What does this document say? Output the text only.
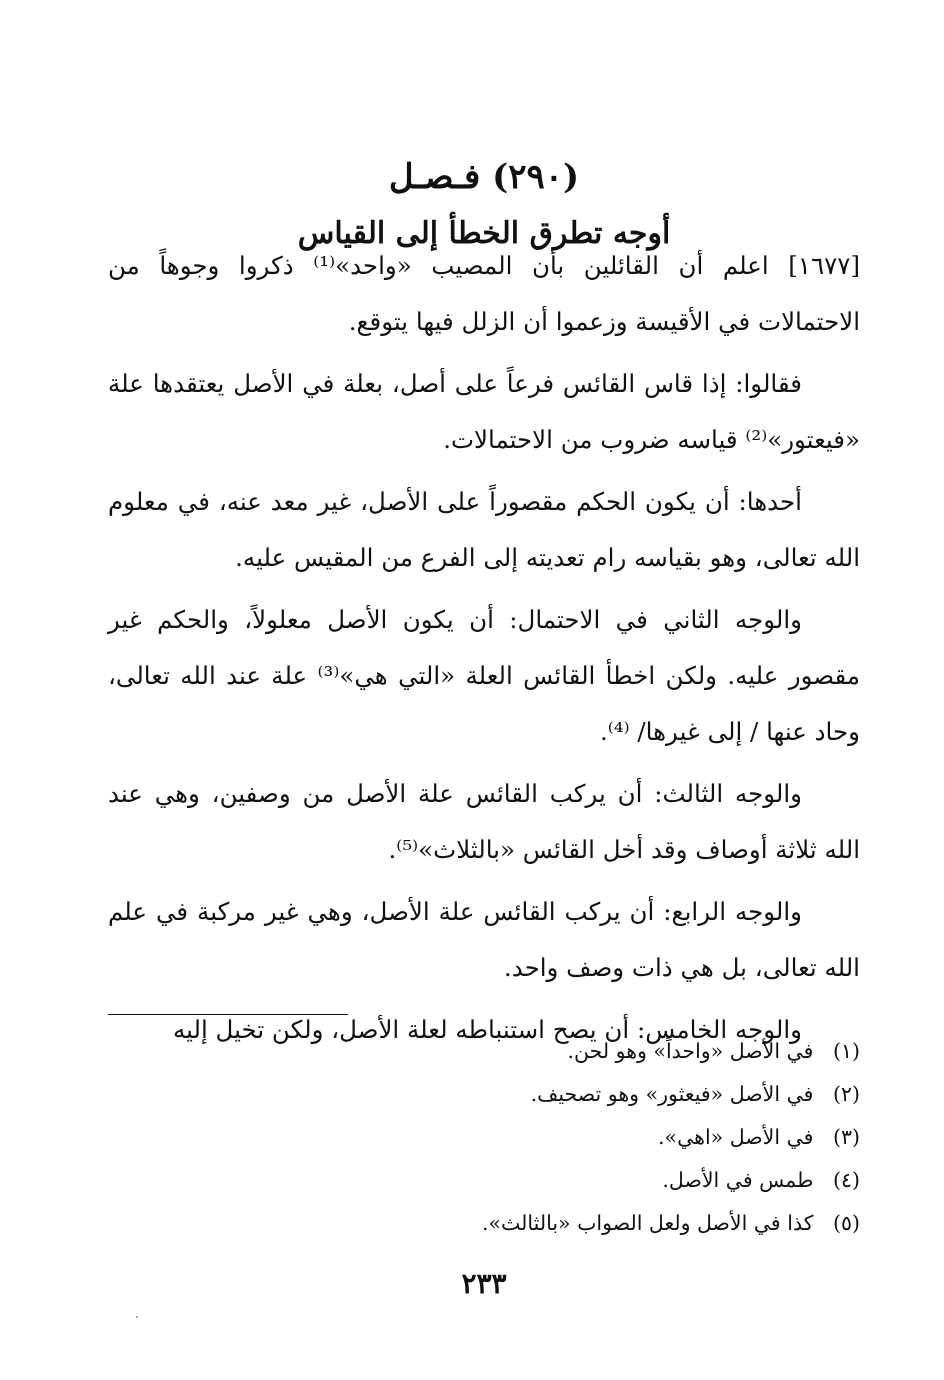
(٢٩٠) فـصـل
أوجه تطرق الخطأ إلى القياس

[١٦٧٧] اعلم أن القائلين بأن المصيب «واحد»⁽¹⁾ ذكروا وجوهاً من الاحتمالات في الأقيسة وزعموا أن الزلل فيها يتوقع.

فقالوا: إذا قاس القائس فرعاً على أصل، بعلة في الأصل يعتقدها علة «فيعتور»⁽²⁾ قياسه ضروب من الاحتمالات.

أحدها: أن يكون الحكم مقصوراً على الأصل، غير معد عنه، في معلوم الله تعالى، وهو بقياسه رام تعديته إلى الفرع من المقيس عليه.

والوجه الثاني في الاحتمال: أن يكون الأصل معلولاً، والحكم غير مقصور عليه. ولكن اخطأ القائس العلة «التي هي»⁽³⁾ علة عند الله تعالى، وحاد عنها / إلى غيرها/ ⁽⁴⁾.

والوجه الثالث: أن يركب القائس علة الأصل من وصفين، وهي عند الله ثلاثة أوصاف وقد أخل القائس «بالثلاث»⁽⁵⁾.

والوجه الرابع: أن يركب القائس علة الأصل، وهي غير مركبة في علم الله تعالى، بل هي ذات وصف واحد.

والوجه الخامس: أن يصح استنباطه لعلة الأصل، ولكن تخيل إليه

(١) في الأصل «واحداً» وهو لحن.
(٢) في الأصل «فيعثور» وهو تصحيف.
(٣) في الأصل «اهي».
(٤) طمس في الأصل.
(٥) كذا في الأصل ولعل الصواب «بالثالث».
٢٣٣
